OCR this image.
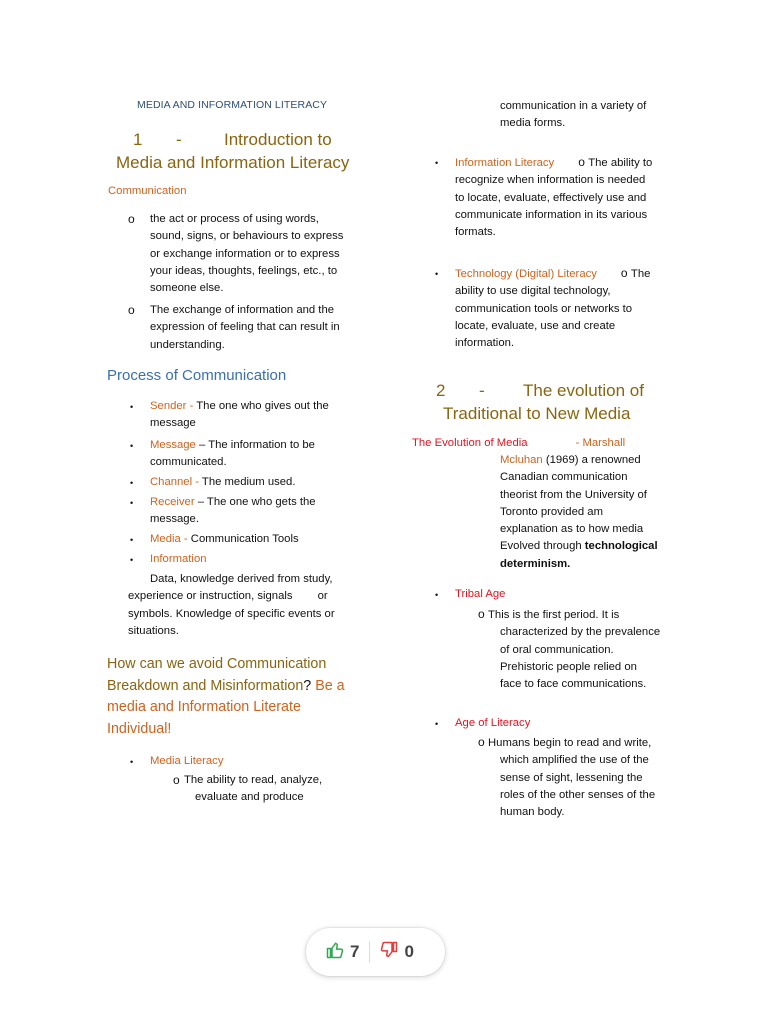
MEDIA AND INFORMATION LITERACY
1 - Introduction to
Media and Information Literacy
Communication
o the act or process of using words,
sound, signs, or behaviours to express
or exchange information or to express
your ideas, thoughts, feelings, etc., to
someone else.
o The exchange of information and the
expression of feeling that can result in
understanding.
Process of Communication
• Sender - The one who gives out the
message
• Message – The information to be
communicated.
• Channel - The medium used.
• Receiver – The one who gets the
message.
• Media - Communication Tools
• Information
Data, knowledge derived from study,
experience or instruction, signals        or
symbols. Knowledge of specific events or
situations.
How can we avoid Communication
Breakdown and Misinformation? Be a
media and Information Literate
Individual!
• Media Literacy
o The ability to read, analyze,
evaluate and produce
communication in a variety of
media forms.
• Information Literacy o The ability to
recognize when information is needed
to locate, evaluate, effectively use and
communicate information in its various
formats.
• Technology (Digital) Literacy o The
ability to use digital technology,
communication tools or networks to
locate, evaluate, use and create
information.
2 - The evolution of
Traditional to New Media
The Evolution of Media	- Marshall
Mcluhan (1969) a renowned
Canadian communication
theorist from the University of
Toronto provided am
explanation as to how media
Evolved through technological
determinism.
• Tribal Age
o This is the first period. It is
characterized by the prevalence
of oral communication.
Prehistoric people relied on
face to face communications.
• Age of Literacy
o Humans begin to read and write,
which amplified the use of the
sense of sight, lessening the
roles of the other senses of the
human body.
7	0
